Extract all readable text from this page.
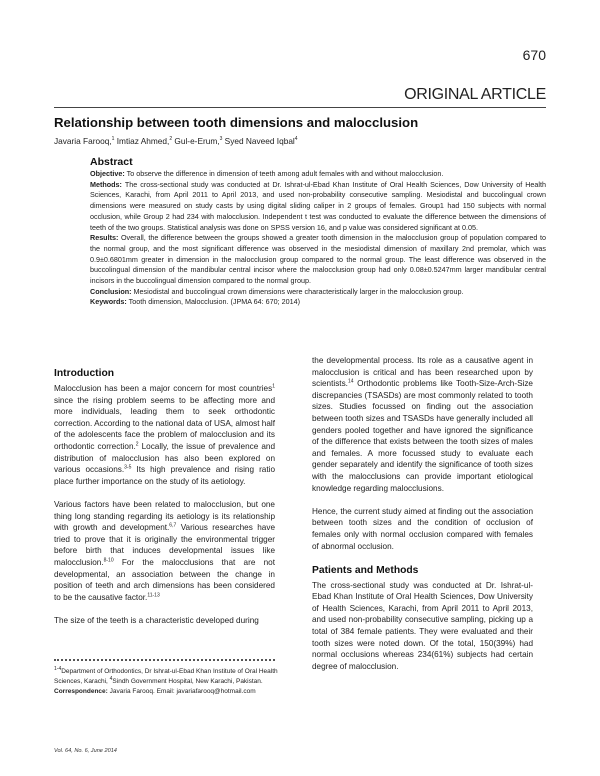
670
ORIGINAL ARTICLE
Relationship between tooth dimensions and malocclusion
Javaria Farooq,$^1$ Imtiaz Ahmed,$^2$ Gul-e-Erum,$^3$ Syed Naveed Iqbal$^4$
Abstract

Objective: To observe the difference in dimension of teeth among adult females with and without malocclusion.

Methods: The cross-sectional study was conducted at Dr. Ishrat-ul-Ebad Khan Institute of Oral Health Sciences, Dow University of Health Sciences, Karachi, from April 2011 to April 2013, and used non-probability consecutive sampling. Mesiodistal and buccolingual crown dimensions were measured on study casts by using digital sliding caliper in 2 groups of females. Group1 had 150 subjects with normal occlusion, while Group 2 had 234 with malocclusion. Independent t test was conducted to evaluate the difference between the dimensions of teeth of the two groups. Statistical analysis was done on SPSS version 16, and p value was considered significant at 0.05.

Results: Overall, the difference between the groups showed a greater tooth dimension in the malocclusion group of population compared to the normal group, and the most significant difference was observed in the mesiodistal dimension of maxillary 2nd premolar, which was 0.9±0.6801mm greater in dimension in the malocclusion group compared to the normal group. The least difference was observed in the buccolingual dimension of the mandibular central incisor where the malocclusion group had only 0.08±0.5247mm larger mandibular central incisors in the buccolingual dimension compared to the normal group.

Conclusion: Mesiodistal and buccolingual crown dimensions were characteristically larger in the malocclusion group.

Keywords: Tooth dimension, Malocclusion. (JPMA 64: 670; 2014)

Introduction

Malocclusion has been a major concern for most countries$^1$ since the rising problem seems to be affecting more and more individuals, leading them to seek orthodontic correction. According to the national data of USA, almost half of the adolescents face the problem of malocclusion and its orthodontic correction.$^2$ Locally, the issue of prevalence and distribution of malocclusion has also been explored on various occasions.$^{3-5}$ Its high prevalence and rising ratio place further importance on the study of its aetiology.

Various factors have been related to malocclusion, but one thing long standing regarding its aetiology is its relationship with growth and development.$^{6,7}$ Various researches have tried to prove that it is originally the environmental trigger before birth that induces developmental issues like malocclusion.$^{8-10}$ For the malocclusions that are not developmental, an association between the change in position of teeth and arch dimensions has been considered to be the causative factor.$^{11-13}$

The size of the teeth is a characteristic developed during

the developmental process. Its role as a causative agent in malocclusion is critical and has been researched upon by scientists.$^{14}$ Orthodontic problems like Tooth-Size-Arch-Size discrepancies (TSASDs) are most commonly related to tooth sizes. Studies focussed on finding out the association between tooth sizes and TSASDs have generally included all genders pooled together and have ignored the significance of the difference that exists between the tooth sizes of males and females. A more focussed study to evaluate each gender separately and identify the significance of tooth sizes with the malocclusions can provide important etiological knowledge regarding malocclusions.

Hence, the current study aimed at finding out the association between tooth sizes and the condition of occlusion of females only with normal occlusion compared with females of abnormal occlusion.

Patients and Methods

The cross-sectional study was conducted at Dr. Ishrat-ul-Ebad Khan Institute of Oral Health Sciences, Dow University of Health Sciences, Karachi, from April 2011 to April 2013, and used non-probability consecutive sampling, picking up a total of 384 female patients. They were evaluated and their tooth sizes were noted down. Of the total, 150(39%) had normal occlusions whereas 234(61%) subjects had certain degree of malocclusion.

$^{1-4}$Department of Orthodontics, Dr Ishrat-ul-Ebad Khan Institute of Oral Health Sciences, Karachi, $^4$Sindh Government Hospital, New Karachi, Pakistan.

Correspondence: Javaria Farooq. Email: javariafarooq@hotmail.com

Vol. 64, No. 6, June 2014
